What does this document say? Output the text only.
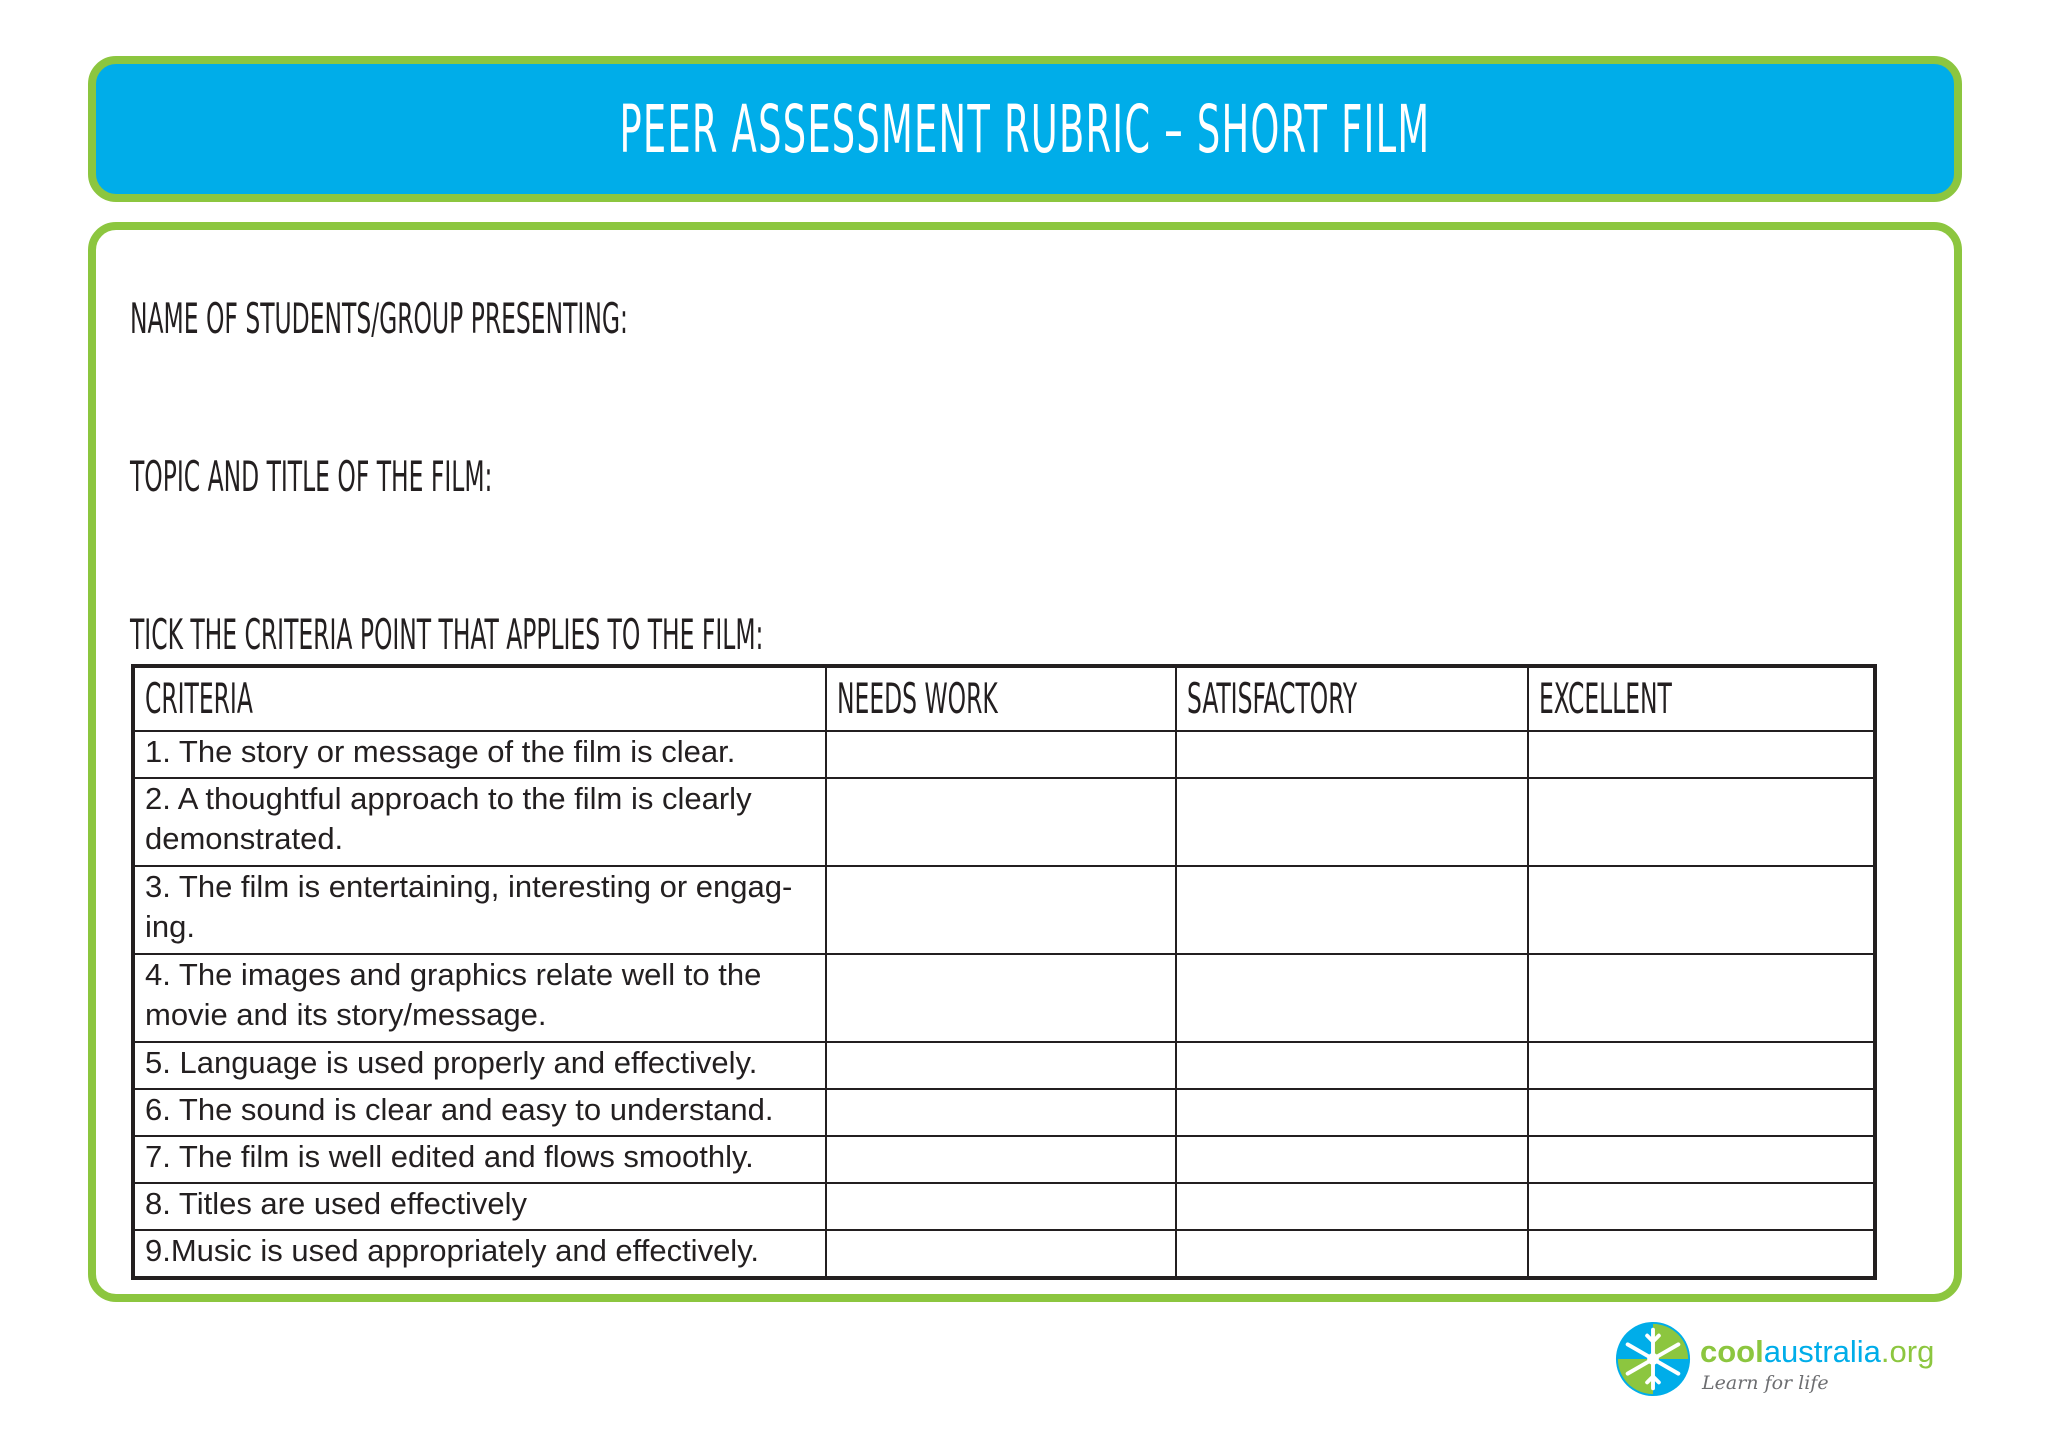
PEER ASSESSMENT RUBRIC – SHORT FILM
NAME OF STUDENTS/GROUP PRESENTING:
TOPIC AND TITLE OF THE FILM:
TICK THE CRITERIA POINT THAT APPLIES TO THE FILM:
CRITERIA	NEEDS WORK	SATISFACTORY	EXCELLENT
1. The story or message of the film is clear.			
2. A thoughtful approach to the film is clearly demonstrated.			
3. The film is entertaining, interesting or engag-ing.			
4. The images and graphics relate well to the movie and its story/message.			
5. Language is used properly and effectively.			
6. The sound is clear and easy to understand.			
7. The film is well edited and flows smoothly.			
8. Titles are used effectively			
9.Music is used appropriately and effectively.			
coolaustralia.org
Learn for life
